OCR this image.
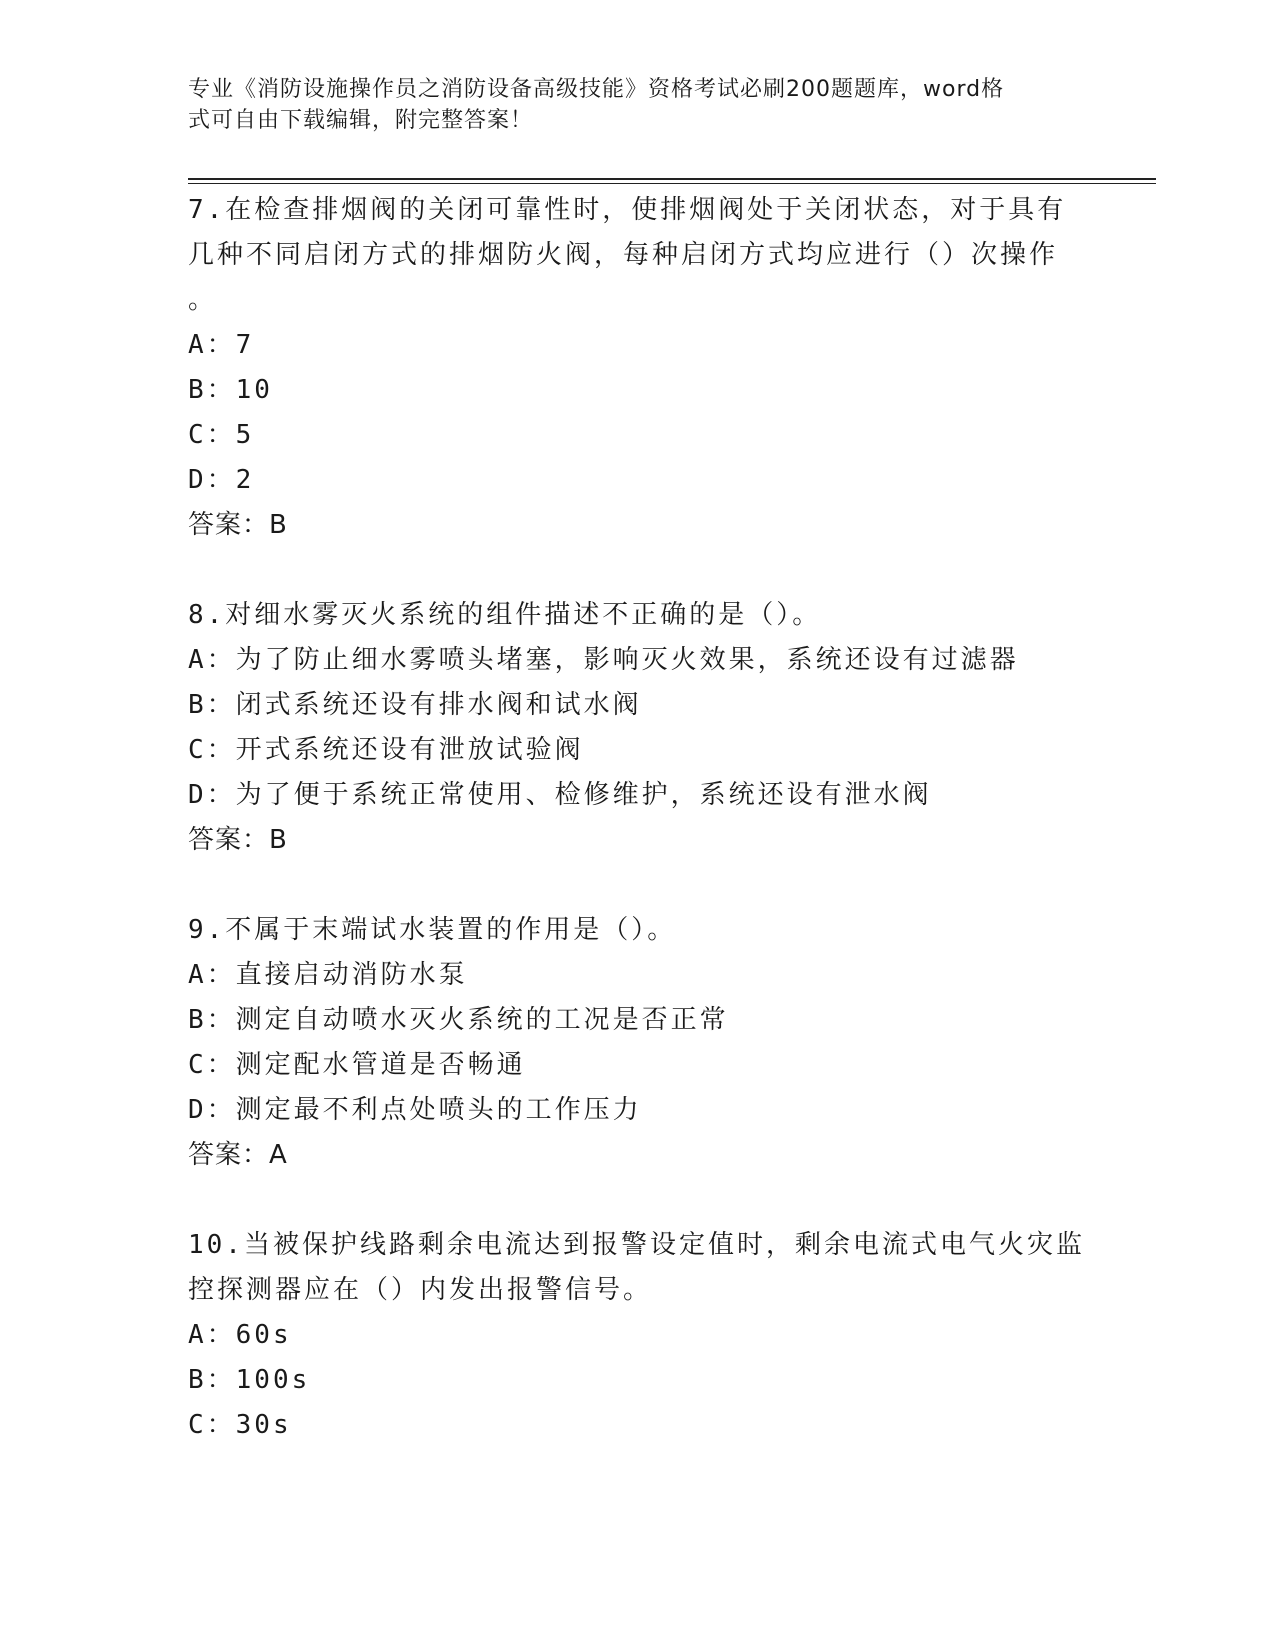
专业《消防设施操作员之消防设备高级技能》资格考试必刷200题题库，word格
式可自由下载编辑，附完整答案！

7.在检查排烟阀的关闭可靠性时，使排烟阀处于关闭状态，对于具有

几种不同启闭方式的排烟防火阀，每种启闭方式均应进行（）次操作

。

A：7

B：10

C：5

D：2

答案：B

8.对细水雾灭火系统的组件描述不正确的是（）。

A：为了防止细水雾喷头堵塞，影响灭火效果，系统还设有过滤器

B：闭式系统还设有排水阀和试水阀

C：开式系统还设有泄放试验阀

D：为了便于系统正常使用、检修维护，系统还设有泄水阀

答案：B

9.不属于末端试水装置的作用是（）。

A：直接启动消防水泵

B：测定自动喷水灭火系统的工况是否正常

C：测定配水管道是否畅通

D：测定最不利点处喷头的工作压力

答案：A

10.当被保护线路剩余电流达到报警设定值时，剩余电流式电气火灾监

控探测器应在（）内发出报警信号。

A：60s

B：100s

C：30s
